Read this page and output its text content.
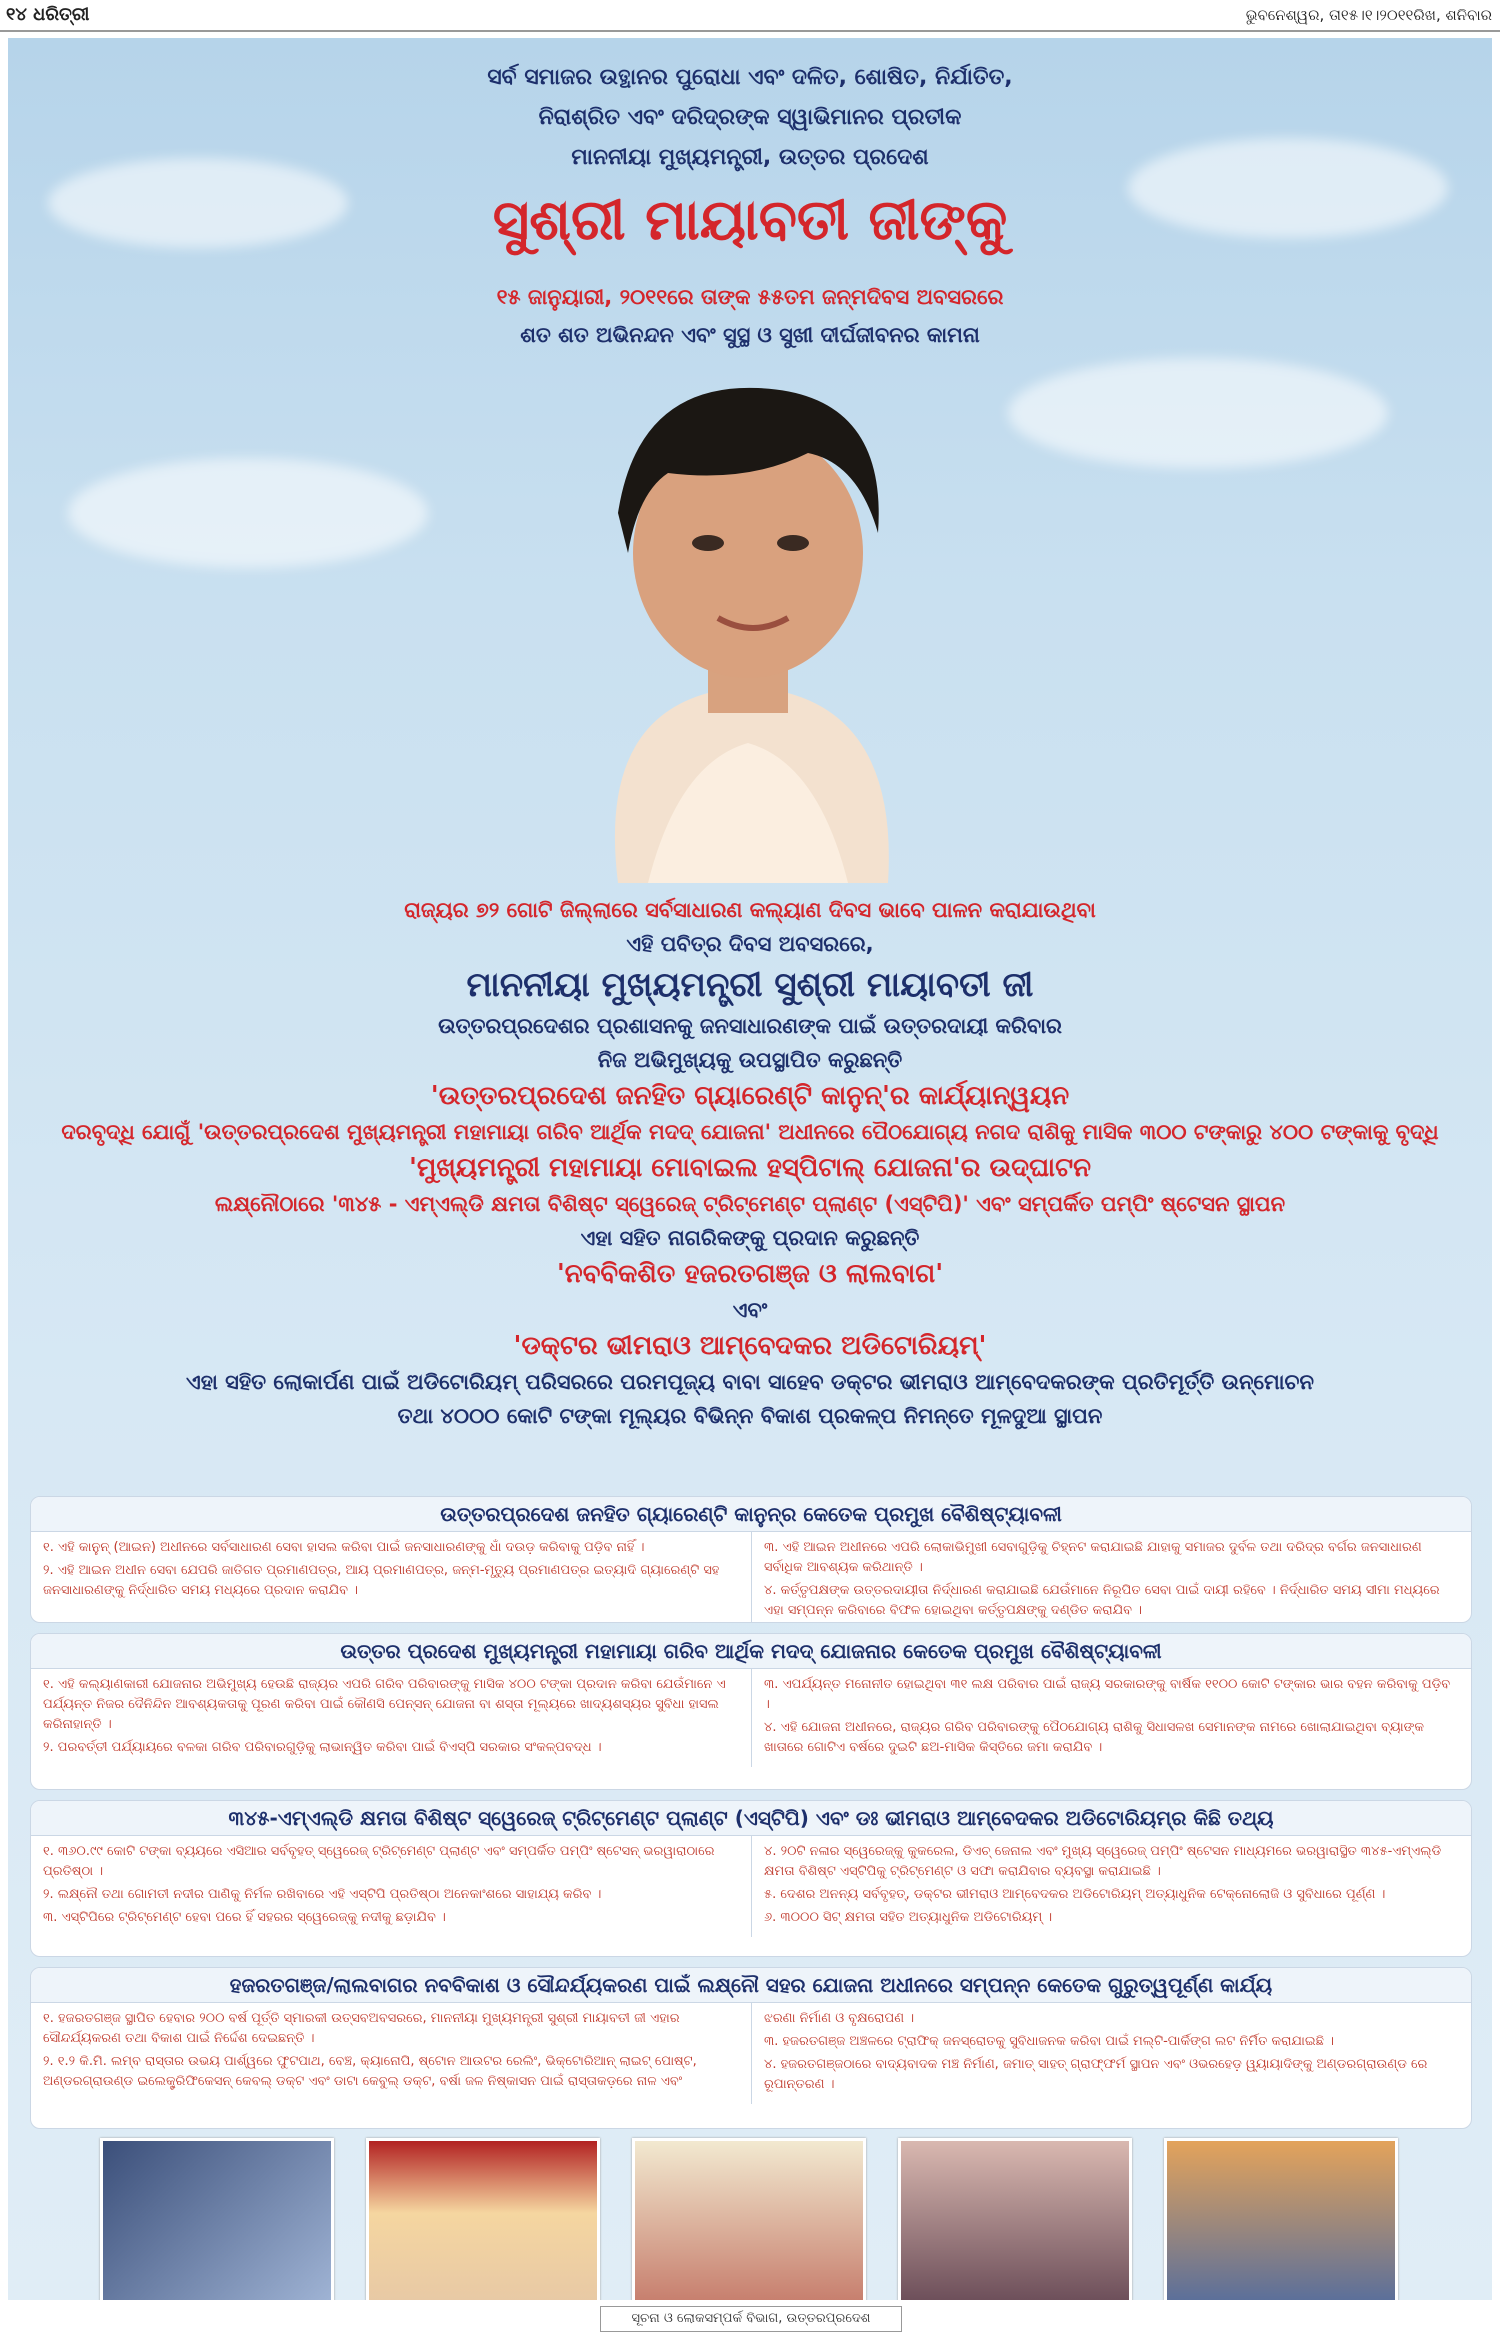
୧୪ ଧରିତ୍ରୀ	ଭୁବନେଶ୍ୱର, ତା୧୫।୧।୨୦୧୧ରିଖ, ଶନିବାର
ସର୍ବ ସମାଜର ଉତ୍ଥାନର ପୁରୋଧା ଏବଂ ଦଳିତ, ଶୋଷିତ, ନିର୍ଯାତିତ,
ନିରାଶ୍ରିତ ଏବଂ ଦରିଦ୍ରଙ୍କ ସ୍ୱାଭିମାନର ପ୍ରତୀକ
ମାନନୀୟା ମୁଖ୍ୟମନ୍ତ୍ରୀ, ଉତ୍ତର ପ୍ରଦେଶ
ସୁଶ୍ରୀ ମାୟାବତୀ ଜୀଙ୍କୁ
୧୫ ଜାନୁୟାରୀ, ୨୦୧୧ରେ ତାଙ୍କ ୫୫ତମ ଜନ୍ମଦିବସ ଅବସରରେ
ଶତ ଶତ ଅଭିନନ୍ଦନ ଏବଂ ସୁସ୍ଥ ଓ ସୁଖୀ ଦୀର୍ଘଜୀବନର କାମନା
ରାଜ୍ୟର ୭୨ ଗୋଟି ଜିଲ୍ଲାରେ ସର୍ବସାଧାରଣ କଲ୍ୟାଣ ଦିବସ ଭାବେ ପାଳନ କରାଯାଉଥିବା
ଏହି ପବିତ୍ର ଦିବସ ଅବସରରେ,
ମାନନୀୟା ମୁଖ୍ୟମନ୍ତ୍ରୀ ସୁଶ୍ରୀ ମାୟାବତୀ ଜୀ
ଉତ୍ତରପ୍ରଦେଶର ପ୍ରଶାସନକୁ ଜନସାଧାରଣଙ୍କ ପାଇଁ ଉତ୍ତରଦାୟୀ କରିବାର
ନିଜ ଅଭିମୁଖ୍ୟକୁ ଉପସ୍ଥାପିତ କରୁଛନ୍ତି
'ଉତ୍ତରପ୍ରଦେଶ ଜନହିତ ଗ୍ୟାରେଣ୍ଟି କାନୁନ୍'ର କାର୍ଯ୍ୟାନ୍ୱୟନ
ଦରବୃଦ୍ଧି ଯୋଗୁଁ 'ଉତ୍ତରପ୍ରଦେଶ ମୁଖ୍ୟମନ୍ତ୍ରୀ ମହାମାୟା ଗରିବ ଆର୍ଥିକ ମଦଦ୍ ଯୋଜନା' ଅଧୀନରେ ପୈଠଯୋଗ୍ୟ ନଗଦ ରାଶିକୁ ମାସିକ ୩୦୦ ଟଙ୍କାରୁ ୪୦୦ ଟଙ୍କାକୁ ବୃଦ୍ଧି
'ମୁଖ୍ୟମନ୍ତ୍ରୀ ମହାମାୟା ମୋବାଇଲ ହସ୍ପିଟାଲ୍ ଯୋଜନା'ର ଉଦ୍‌ଘାଟନ
ଲକ୍ଷ୍ନୌଠାରେ '୩୪୫ - ଏମ୍‌ଏଲ୍‌ଡି କ୍ଷମତା ବିଶିଷ୍ଟ ସ୍ୱେରେଜ୍ ଟ୍ରିଟ୍‌ମେଣ୍ଟ ପ୍ଲାଣ୍ଟ (ଏସ୍‌ଟିପି)' ଏବଂ ସମ୍ପର୍କିତ ପମ୍ପିଂ ଷ୍ଟେସନ ସ୍ଥାପନ
ଏହା ସହିତ ନାଗରିକଙ୍କୁ ପ୍ରଦାନ କରୁଛନ୍ତି
'ନବବିକଶିତ ହଜରତଗଞ୍ଜ ଓ ଲାଲବାଗ'
ଏବଂ
'ଡକ୍ଟର ଭୀମରାଓ ଆମ୍ବେଦକର ଅଡିଟୋରିୟମ୍'
ଏହା ସହିତ ଲୋକାର୍ପଣ ପାଇଁ ଅଡିଟୋରିୟମ୍ ପରିସରରେ ପରମପୂଜ୍ୟ ବାବା ସାହେବ ଡକ୍ଟର ଭୀମରାଓ ଆମ୍ବେଦକରଙ୍କ ପ୍ରତିମୂର୍ତ୍ତି ଉନ୍ମୋଚନ
ତଥା ୪୦୦୦ କୋଟି ଟଙ୍କା ମୂଲ୍ୟର ବିଭିନ୍ନ ବିକାଶ ପ୍ରକଳ୍ପ ନିମନ୍ତେ ମୂଳଦୁଆ ସ୍ଥାପନ
ଉତ୍ତରପ୍ରଦେଶ ଜନହିତ ଗ୍ୟାରେଣ୍ଟି କାନୁନ୍‌ର କେତେକ ପ୍ରମୁଖ ବୈଶିଷ୍ଟ୍ୟାବଳୀ
୧. ଏହି କାନୁନ୍ (ଆଇନ) ଅଧୀନରେ ସର୍ବସାଧାରଣ ସେବା ହାସଲ କରିବା ପାଇଁ ଜନସାଧାରଣଙ୍କୁ ଧାଁ ଦଉଡ଼ କରିବାକୁ ପଡ଼ିବ ନାହିଁ ।
୨. ଏହି ଆଇନ ଅଧୀନ ସେବା ଯେପରି ଜାତିଗତ ପ୍ରମାଣପତ୍ର, ଆୟ ପ୍ରମାଣପତ୍ର, ଜନ୍ମ-ମୃତ୍ୟୁ ପ୍ରମାଣପତ୍ର ଇତ୍ୟାଦି ଗ୍ୟାରେଣ୍ଟି ସହ ଜନସାଧାରଣଙ୍କୁ ନିର୍ଦ୍ଧାରିତ ସମୟ ମଧ୍ୟରେ ପ୍ରଦାନ କରାଯିବ ।
୩. ଏହି ଆଇନ ଅଧୀନରେ ଏପରି ଲୋକାଭିମୁଖୀ ସେବାଗୁଡ଼ିକୁ ଚିହ୍ନଟ କରାଯାଇଛି ଯାହାକୁ ସମାଜର ଦୁର୍ବଳ ତଥା ଦରିଦ୍ର ବର୍ଗର ଜନସାଧାରଣ ସର୍ବାଧିକ ଆବଶ୍ୟକ କରିଥାନ୍ତି ।
୪. କର୍ତ୍ତୃପକ୍ଷଙ୍କ ଉତ୍ତରଦାୟୀତା ନିର୍ଦ୍ଧାରଣ କରାଯାଇଛି ଯେଉଁମାନେ ନିରୂପିତ ସେବା ପାଇଁ ଦାୟୀ ରହିବେ । ନିର୍ଦ୍ଧାରିତ ସମୟ ସୀମା ମଧ୍ୟରେ ଏହା ସମ୍ପନ୍ନ କରିବାରେ ବିଫଳ ହୋଇଥିବା କର୍ତ୍ତୃପକ୍ଷଙ୍କୁ ଦଣ୍ଡିତ କରାଯିବ ।
ଉତ୍ତର ପ୍ରଦେଶ ମୁଖ୍ୟମନ୍ତ୍ରୀ ମହାମାୟା ଗରିବ ଆର୍ଥିକ ମଦଦ୍ ଯୋଜନାର କେତେକ ପ୍ରମୁଖ ବୈଶିଷ୍ଟ୍ୟାବଳୀ
୧. ଏହି କଲ୍ୟାଣକାରୀ ଯୋଜନାର ଅଭିମୁଖ୍ୟ ହେଉଛି ରାଜ୍ୟର ଏପରି ଗରିବ ପରିବାରଙ୍କୁ ମାସିକ ୪୦୦ ଟଙ୍କା ପ୍ରଦାନ କରିବା ଯେଉଁମାନେ ଏ ପର୍ଯ୍ୟନ୍ତ ନିଜର ଦୈନିନ୍ଦିନ ଆବଶ୍ୟକତାକୁ ପୂରଣ କରିବା ପାଇଁ କୌଣସି ପେନ୍‌ସନ୍ ଯୋଜନା ବା ଶସ୍ତା ମୂଲ୍ୟରେ ଖାଦ୍ୟଶସ୍ୟର ସୁବିଧା ହାସଲ କରିନାହାନ୍ତି ।
୨. ପରବର୍ତ୍ତୀ ପର୍ଯ୍ୟାୟରେ ବଳକା ଗରିବ ପରିବାରଗୁଡ଼ିକୁ ଲାଭାନ୍ୱିତ କରିବା ପାଇଁ ବିଏସ୍‌ପି ସରକାର ସଂକଳ୍ପବଦ୍ଧ ।
୩. ଏପର୍ଯ୍ୟନ୍ତ ମନୋନୀତ ହୋଇଥିବା ୩୧ ଲକ୍ଷ ପରିବାର ପାଇଁ ରାଜ୍ୟ ସରକାରଙ୍କୁ ବାର୍ଷିକ ୧୧୦୦ କୋଟି ଟଙ୍କାର ଭାର ବହନ କରିବାକୁ ପଡ଼ିବ ।
୪. ଏହି ଯୋଜନା ଅଧୀନରେ, ରାଜ୍ୟର ଗରିବ ପରିବାରଙ୍କୁ ପୈଠଯୋଗ୍ୟ ରାଶିକୁ ସିଧାସଳଖ ସେମାନଙ୍କ ନାମରେ ଖୋଲାଯାଇଥିବା ବ୍ୟାଙ୍କ ଖାତାରେ ଗୋଟିଏ ବର୍ଷରେ ଦୁଇଟି ଛଅ-ମାସିକ କିସ୍ତିରେ ଜମା କରାଯିବ ।
୩୪୫-ଏମ୍‌ଏଲ୍‌ଡି କ୍ଷମତା ବିଶିଷ୍ଟ ସ୍ୱେରେଜ୍ ଟ୍ରିଟ୍‌ମେଣ୍ଟ ପ୍ଲାଣ୍ଟ (ଏସ୍‌ଟିପି) ଏବଂ ଡଃ ଭୀମରାଓ ଆମ୍ବେଦକର ଅଡିଟୋରିୟମ୍‌ର କିଛି ତଥ୍ୟ
୧. ୩୬୦.୯୯ କୋଟି ଟଙ୍କା ବ୍ୟୟରେ ଏସିଆର ସର୍ବବୃହତ୍ ସ୍ୱେରେଜ୍ ଟ୍ରିଟ୍‌ମେଣ୍ଟ ପ୍ଲାଣ୍ଟ ଏବଂ ସମ୍ପର୍କିତ ପମ୍ପିଂ ଷ୍ଟେସନ୍ ଭରୱାରାଠାରେ ପ୍ରତିଷ୍ଠା ।
୨. ଲକ୍ଷ୍ନୌ ତଥା ଗୋମତୀ ନଦୀର ପାଣିକୁ ନିର୍ମଳ ରଖିବାରେ ଏହି ଏସ୍‌ଟିପି ପ୍ରତିଷ୍ଠା ଅନେକାଂଶରେ ସାହାଯ୍ୟ କରିବ ।
୩. ଏସ୍‌ଟିପିରେ ଟ୍ରିଟ୍‌ମେଣ୍ଟ ହେବା ପରେ ହିଁ ସହରର ସ୍ୱେରେଜ୍‌କୁ ନଦୀକୁ ଛଡ଼ାଯିବ ।
୪. ୨୦ଟି ନଳାର ସ୍ୱେରେଜ୍‌କୁ କୁକରେଲ, ଡିଏଚ୍ ଜେନାଲ ଏବଂ ମୁଖ୍ୟ ସ୍ୱେରେଜ୍ ପମ୍ପିଂ ଷ୍ଟେସନ ମାଧ୍ୟମରେ ଭରୱାରାସ୍ଥିତ ୩୪୫-ଏମ୍‌ଏଲ୍‌ଡି କ୍ଷମତା ବିଶିଷ୍ଟ ଏସ୍‌ଟିପିକୁ ଟ୍ରିଟ୍‌ମେଣ୍ଟ ଓ ସଫା କରାଯିବାର ବ୍ୟବସ୍ଥା କରାଯାଇଛି ।
୫. ଦେଶର ଅନନ୍ୟ ସର୍ବବୃହତ୍, ଡକ୍ଟର ଭୀମରାଓ ଆମ୍ବେଦକର ଅଡିଟୋରିୟମ୍ ଅତ୍ୟାଧୁନିକ ଟେକ୍ନୋଲୋଜି ଓ ସୁବିଧାରେ ପୂର୍ଣ୍ଣ ।
୬. ୩୦୦୦ ସିଟ୍ କ୍ଷମତା ସହିତ ଅତ୍ୟାଧୁନିକ ଅଡିଟୋରିୟମ୍ ।
ହଜରତଗଞ୍ଜ/ଲାଲବାଗର ନବବିକାଶ ଓ ସୌନ୍ଦର୍ଯ୍ୟକରଣ ପାଇଁ ଲକ୍ଷ୍ନୌ ସହର ଯୋଜନା ଅଧୀନରେ ସମ୍ପନ୍ନ କେତେକ ଗୁରୁତ୍ୱପୂର୍ଣ୍ଣ କାର୍ଯ୍ୟ
୧. ହଜରତଗଞ୍ଜ ସ୍ଥାପିତ ହେବାର ୨୦୦ ବର୍ଷ ପୂର୍ତ୍ତି ସ୍ମାରକୀ ଉତ୍ସବଅବସରରେ, ମାନନୀୟା ମୁଖ୍ୟମନ୍ତ୍ରୀ ସୁଶ୍ରୀ ମାୟାବତୀ ଜୀ ଏହାର ସୌନ୍ଦର୍ଯ୍ୟକରଣ ତଥା ବିକାଶ ପାଇଁ ନିର୍ଦ୍ଦେଶ ଦେଇଛନ୍ତି ।
୨. ୧.୨ କି.ମି. ଲମ୍ବ ରାସ୍ତାର ଉଭୟ ପାର୍ଶ୍ୱରେ ଫୁଟପାଥ, ବେଞ୍ଚ, କ୍ୟାନୋପି, ଷ୍ଟୋନ ଆଉଟର ରେଲିଂ, ଭିକ୍ଟୋରିଆନ୍ ଲାଇଟ୍ ପୋଷ୍ଟ, ଅଣ୍ଡରଗ୍ରାଉଣ୍ଡ ଇଲେକ୍ଟ୍ରିଫିକେସନ୍ କେବଲ୍ ଡକ୍ଟ ଏବଂ ଡାଟା କେବୁଲ୍ ଡକ୍ଟ, ବର୍ଷା ଜଳ ନିଷ୍କାସନ ପାଇଁ ରାସ୍ତାକଡ଼ରେ ନାଳ ଏବଂ
ଝରଣା ନିର୍ମାଣ ଓ ବୃକ୍ଷରୋପଣ ।
୩. ହଜରତଗଞ୍ଜ ଅଞ୍ଚଳରେ ଟ୍ରାଫିକ୍ ଜନସ୍ରୋତକୁ ସୁବିଧାଜନକ କରିବା ପାଇଁ ମଲ୍ଟି-ପାର୍କିଙ୍ଗ ଲଟ ନିର୍ମିତ କରାଯାଇଛି ।
୪. ହଜରତଗଞ୍ଜଠାରେ ବାଦ୍ୟବାଦକ ମଞ୍ଚ ନିର୍ମାଣ, ଜମାତ୍ ସାହତ୍ ଗ୍ରାଫ୍‌ଫର୍ମ ସ୍ଥାପନ ଏବଂ ଓଭରହେଡ଼ ୱ୍ୟାୟାଦିଙ୍କୁ ଅଣ୍ଡରଗ୍ରାଉଣ୍ଡ ରେ ରୂପାନ୍ତରଣ ।
ସୂଚନା ଓ ଲୋକସମ୍ପର୍କ ବିଭାଗ, ଉତ୍ତରପ୍ରଦେଶ
